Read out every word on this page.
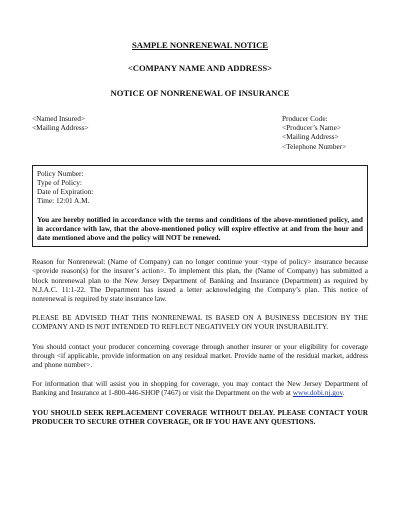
SAMPLE NONRENEWAL NOTICE
<COMPANY NAME AND ADDRESS>
NOTICE OF NONRENEWAL OF INSURANCE
<Named Insured>
<Mailing Address>
Producer Code:
<Producer’s Name>
<Mailing Address>
<Telephone Number>
Policy Number:
Type of Policy:
Date of Expiration:
Time: 12:01 A.M.
You are hereby notified in accordance with the terms and conditions of the above-mentioned policy, and in accordance with law, that the above-mentioned policy will expire effective at and from the hour and date mentioned above and the policy will NOT be renewed.

Reason for Nonrenewal: (Name of Company) can no longer continue your <type of policy> insurance because <provide reason(s) for the insurer’s action>. To implement this plan, the (Name of Company) has submitted a block nonrenewal plan to the New Jersey Department of Banking and Insurance (Department) as required by N.J.A.C. 11:1-22. The Department has issued a letter acknowledging the Company’s plan. This notice of nonrenewal is required by state insurance law.

PLEASE BE ADVISED THAT THIS NONRENEWAL IS BASED ON A BUSINESS DECISION BY THE COMPANY AND IS NOT INTENDED TO REFLECT NEGATIVELY ON YOUR INSURABILITY.

You should contact your producer concerning coverage through another insurer or your eligibility for coverage through <if applicable, provide information on any residual market. Provide name of the residual market, address and phone number>.

For information that will assist you in shopping for coverage, you may contact the New Jersey Department of Banking and Insurance at 1-800-446-SHOP (7467) or visit the Department on the web at www.dobi.nj.gov.

YOU SHOULD SEEK REPLACEMENT COVERAGE WITHOUT DELAY. PLEASE CONTACT YOUR PRODUCER TO SECURE OTHER COVERAGE, OR IF YOU HAVE ANY QUESTIONS.
